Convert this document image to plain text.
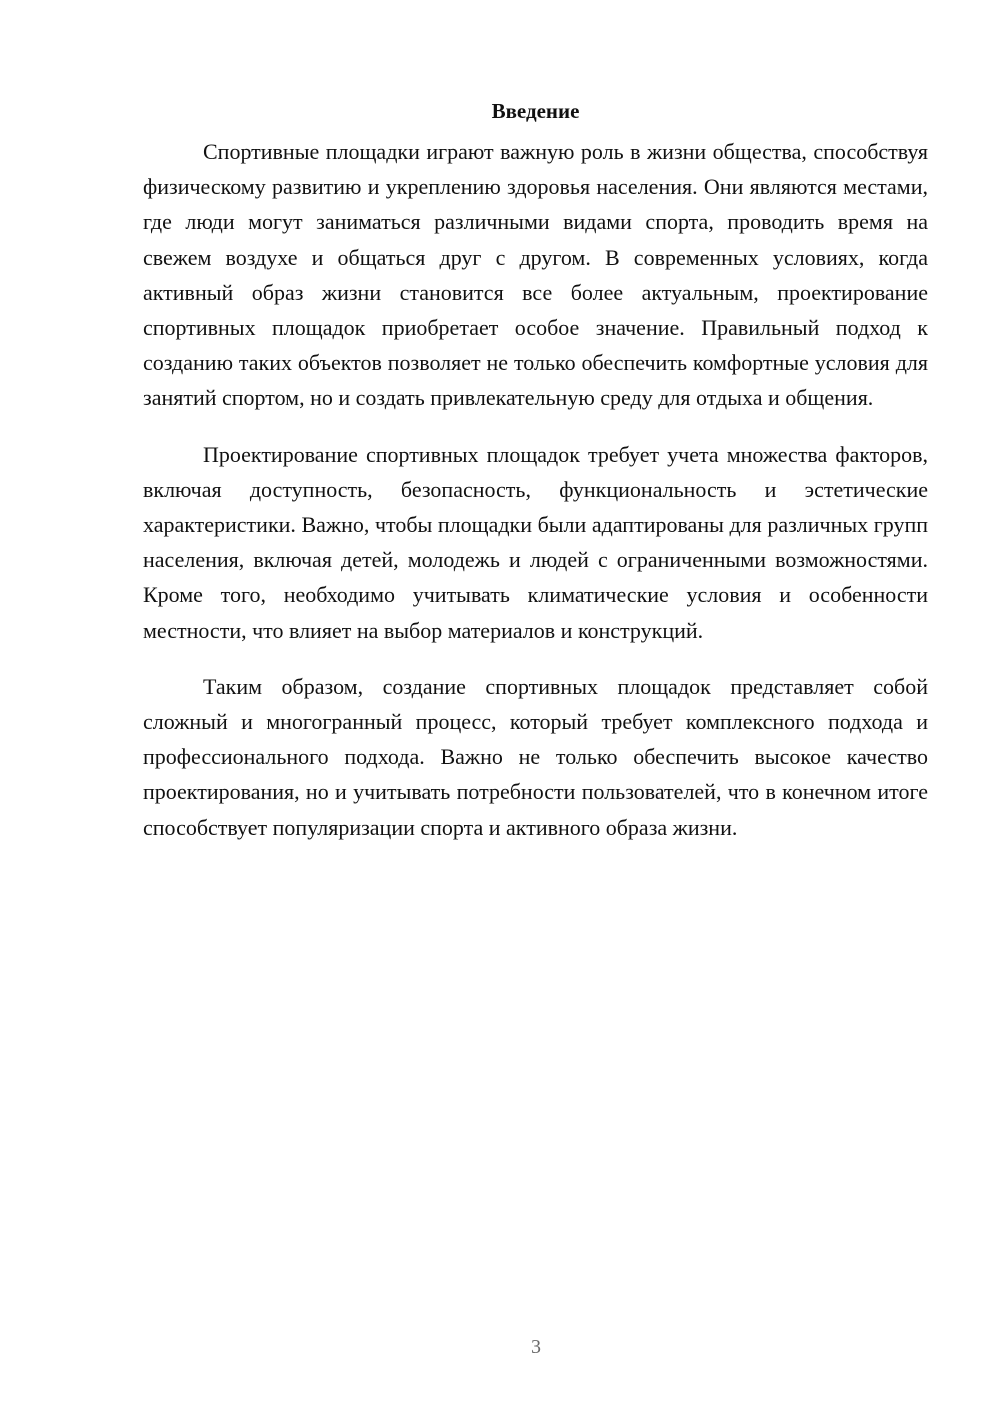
Введение

Спортивные площадки играют важную роль в жизни общества, способствуя физическому развитию и укреплению здоровья населения. Они являются местами, где люди могут заниматься различными видами спорта, проводить время на свежем воздухе и общаться друг с другом. В современных условиях, когда активный образ жизни становится все более актуальным, проектирование спортивных площадок приобретает особое значение. Правильный подход к созданию таких объектов позволяет не только обеспечить комфортные условия для занятий спортом, но и создать привлекательную среду для отдыха и общения.

Проектирование спортивных площадок требует учета множества факторов, включая доступность, безопасность, функциональность и эстетические характеристики. Важно, чтобы площадки были адаптированы для различных групп населения, включая детей, молодежь и людей с ограниченными возможностями. Кроме того, необходимо учитывать климатические условия и особенности местности, что влияет на выбор материалов и конструкций.

Таким образом, создание спортивных площадок представляет собой сложный и многогранный процесс, который требует комплексного подхода и профессионального подхода. Важно не только обеспечить высокое качество проектирования, но и учитывать потребности пользователей, что в конечном итоге способствует популяризации спорта и активного образа жизни.

3
